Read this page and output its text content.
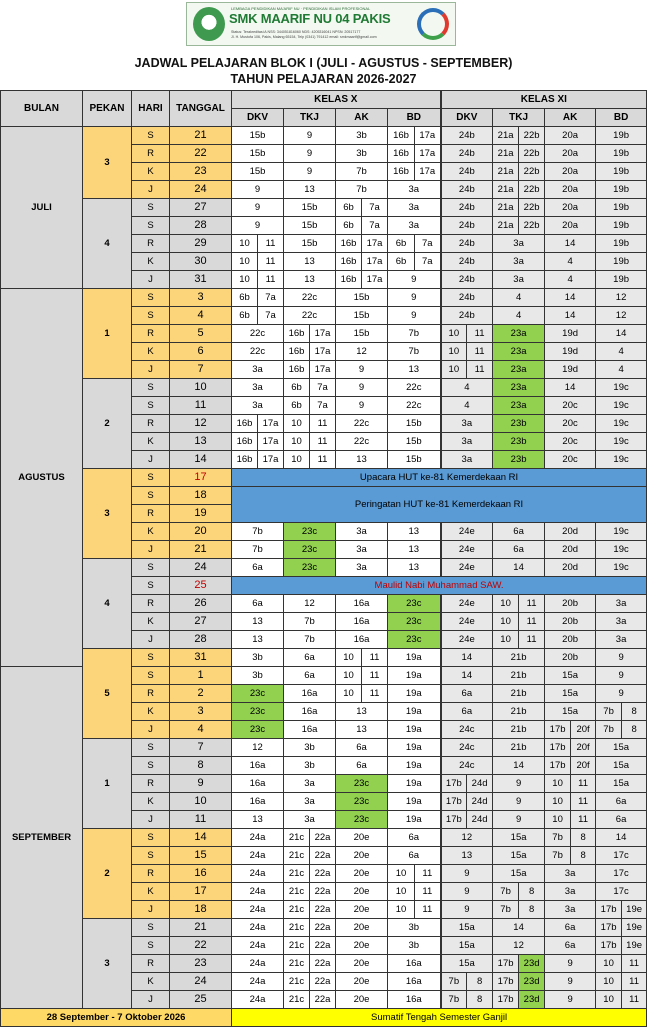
LEMBAGA PENDIDIKAN MA'ARIF NU · PENDIDIKAN ISLAM PROFESIONAL
SMK MAARIF NU 04 PAKIS
Status: Terakreditasi A NSS: 344051816060 NDS: 4205316041 NPSN: 20517177
Jl. H. Mustofa 106, Pakis, Malang 65154, Telp (0341) 791412 email: smkmaarif@gmail.com
JADWAL PELAJARAN BLOK I (JULI - AGUSTUS - SEPTEMBER)
TAHUN PELAJARAN 2026-2027
BULAN	PEKAN	HARI	TANGGAL	KELAS X								KELAS XI							
				DKV		TKJ		AK		BD		DKV		TKJ		AK		BD	
JULI	3	S	21	15b		9		3b		16b	17a	24b		21a	22b	20a		19b	
		R	22	15b		9		3b		16b	17a	24b		21a	22b	20a		19b	
		K	23	15b		9		7b		16b	17a	24b		21a	22b	20a		19b	
		J	24	9		13		7b		3a		24b		21a	22b	20a		19b	
	4	S	27	9		15b		6b	7a	3a		24b		21a	22b	20a		19b	
		S	28	9		15b		6b	7a	3a		24b		21a	22b	20a		19b	
		R	29	10	11	15b		16b	17a	6b	7a	24b		3a		14		19b	
		K	30	10	11	13		16b	17a	6b	7a	24b		3a		4		19b	
		J	31	10	11	13		16b	17a	9		24b		3a		4		19b	
AGUSTUS	1	S	3	6b	7a	22c		15b		9		24b		4		14		12	
		S	4	6b	7a	22c		15b		9		24b		4		14		12	
		R	5	22c		16b	17a	15b		7b		10	11	23a		19d		14	
		K	6	22c		16b	17a	12		7b		10	11	23a		19d		4	
		J	7	3a		16b	17a	9		13		10	11	23a		19d		4	
	2	S	10	3a		6b	7a	9		22c		4		23a		14		19c	
		S	11	3a		6b	7a	9		22c		4		23a		20c		19c	
		R	12	16b	17a	10	11	22c		15b		3a		23b		20c		19c	
		K	13	16b	17a	10	11	22c		15b		3a		23b		20c		19c	
		J	14	16b	17a	10	11	13		15b		3a		23b		20c		19c	
	3	S	17	Upacara HUT ke-81 Kemerdekaan RI															
		S	18	Peringatan HUT ke-81 Kemerdekaan RI															
		R	19																
		K	20	7b		23c		3a		13		24e		6a		20d		19c	
		J	21	7b		23c		3a		13		24e		6a		20d		19c	
	4	S	24	6a		23c		3a		13		24e		14		20d		19c	
		S	25	Maulid Nabi Muhammad SAW.															
		R	26	6a		12		16a		23c		24e		10	11	20b		3a	
		K	27	13		7b		16a		23c		24e		10	11	20b		3a	
		J	28	13		7b		16a		23c		24e		10	11	20b		3a	
	5	S	31	3b		6a		10	11	19a		14		21b		20b		9	
SEPTEMBER		S	1	3b		6a		10	11	19a		14		21b		15a		9	
		R	2	23c		16a		10	11	19a		6a		21b		15a		9	
		K	3	23c		16a		13		19a		6a		21b		15a		7b	8
		J	4	23c		16a		13		19a		24c		21b		17b	20f	7b	8
	1	S	7	12		3b		6a		19a		24c		21b		17b	20f	15a	
		S	8	16a		3b		6a		19a		24c		14		17b	20f	15a	
		R	9	16a		3a		23c		19a		17b	24d	9		10	11	15a	
		K	10	16a		3a		23c		19a		17b	24d	9		10	11	6a	
		J	11	13		3a		23c		19a		17b	24d	9		10	11	6a	
	2	S	14	24a		21c	22a	20e		6a		12		15a		7b	8	14	
		S	15	24a		21c	22a	20e		6a		13		15a		7b	8	17c	
		R	16	24a		21c	22a	20e		10	11	9		15a		3a		17c	
		K	17	24a		21c	22a	20e		10	11	9		7b	8	3a		17c	
		J	18	24a		21c	22a	20e		10	11	9		7b	8	3a		17b	19e
	3	S	21	24a		21c	22a	20e		3b		15a		14		6a		17b	19e
		S	22	24a		21c	22a	20e		3b		15a		12		6a		17b	19e
		R	23	24a		21c	22a	20e		16a		15a		17b	23d	9		10	11
		K	24	24a		21c	22a	20e		16a		7b	8	17b	23d	9		10	11
		J	25	24a		21c	22a	20e		16a		7b	8	17b	23d	9		10	11
28 September - 7 Oktober 2026				Sumatif Tengah Semester Ganjil															
